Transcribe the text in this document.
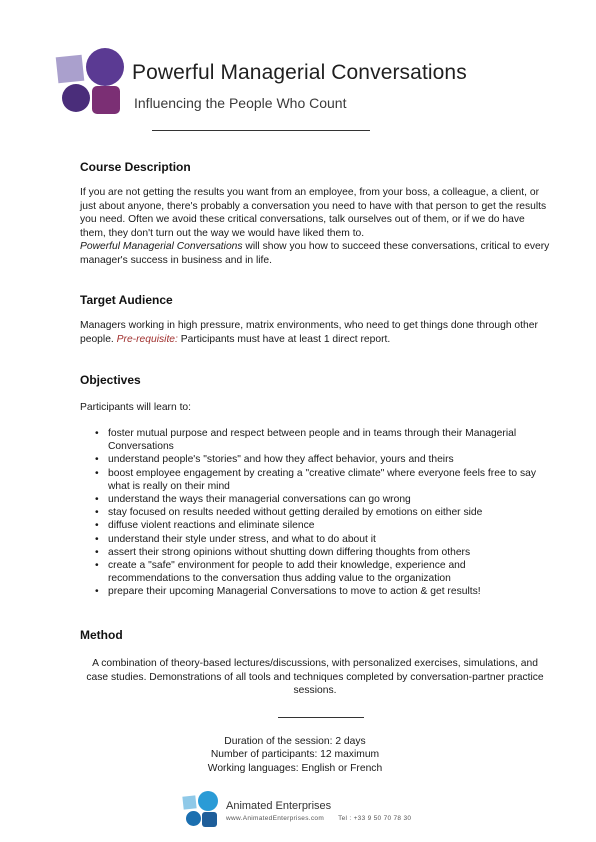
Powerful Managerial Conversations
Influencing the People Who Count
Course Description
If you are not getting the results you want from an employee, from your boss, a colleague, a client, or just about anyone, there's probably a conversation you need to have with that person to get the results you need. Often we avoid these critical conversations, talk ourselves out of them, or if we do have them, they don't turn out the way we would have liked them to.
Powerful Managerial Conversations will show you how to succeed these conversations, critical to every manager's success in business and in life.
Target Audience
Managers working in high pressure, matrix environments, who need to get things done through other people. Pre-requisite: Participants must have at least 1 direct report.
Objectives
Participants will learn to:
• foster mutual purpose and respect between people and in teams through their Managerial Conversations
• understand people's "stories" and how they affect behavior, yours and theirs
• boost employee engagement by creating a "creative climate" where everyone feels free to say what is really on their mind
• understand the ways their managerial conversations can go wrong
• stay focused on results needed without getting derailed by emotions on either side
• diffuse violent reactions and eliminate silence
• understand their style under stress, and what to do about it
• assert their strong opinions without shutting down differing thoughts from others
• create a "safe" environment for people to add their knowledge, experience and recommendations to the conversation thus adding value to the organization
• prepare their upcoming Managerial Conversations to move to action & get results!
Method
A combination of theory-based lectures/discussions, with personalized exercises, simulations, and case studies. Demonstrations of all tools and techniques completed by conversation-partner practice sessions.
Duration of the session: 2 days
Number of participants: 12 maximum
Working languages: English or French
Animated Enterprises
www.AnimatedEnterprises.com Tel : +33 9 50 70 78 30
